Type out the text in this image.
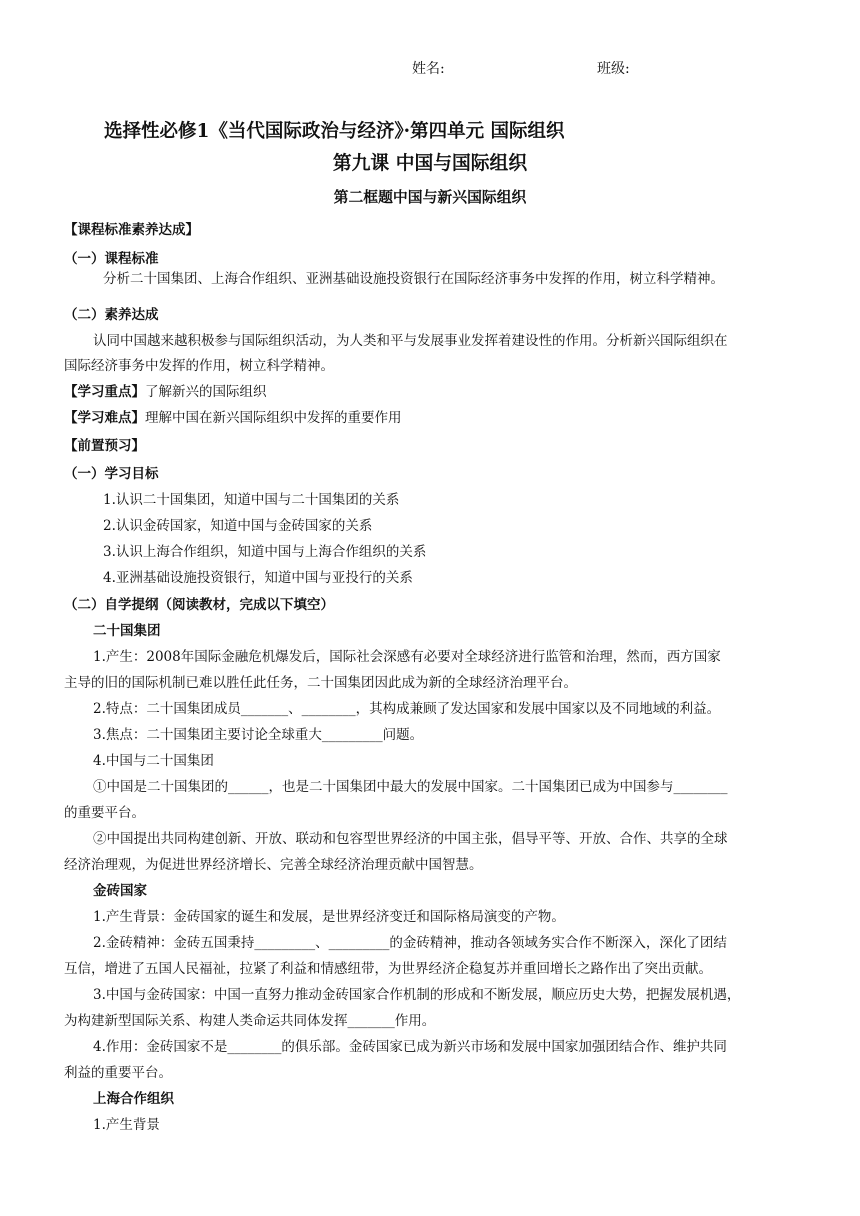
姓名:	班级:
选择性必修1《当代国际政治与经济》·第四单元 国际组织
第九课 中国与国际组织
第二框题中国与新兴国际组织
【课程标准素养达成】
（一）课程标准
分析二十国集团、上海合作组织、亚洲基础设施投资银行在国际经济事务中发挥的作用，树立科学精神。
（二）素养达成
认同中国越来越积极参与国际组织活动，为人类和平与发展事业发挥着建设性的作用。分析新兴国际组织在
国际经济事务中发挥的作用，树立科学精神。
【学习重点】了解新兴的国际组织
【学习难点】理解中国在新兴国际组织中发挥的重要作用
【前置预习】
（一）学习目标
1.认识二十国集团，知道中国与二十国集团的关系
2.认识金砖国家，知道中国与金砖国家的关系
3.认识上海合作组织，知道中国与上海合作组织的关系
4.亚洲基础设施投资银行，知道中国与亚投行的关系
（二）自学提纲（阅读教材，完成以下填空）
二十国集团
1.产生：2008年国际金融危机爆发后，国际社会深感有必要对全球经济进行监管和治理，然而，西方国家
主导的旧的国际机制已难以胜任此任务，二十国集团因此成为新的全球经济治理平台。
2.特点：二十国集团成员_______、________，其构成兼顾了发达国家和发展中国家以及不同地域的利益。
3.焦点：二十国集团主要讨论全球重大_________问题。
4.中国与二十国集团
①中国是二十国集团的______，也是二十国集团中最大的发展中国家。二十国集团已成为中国参与________
的重要平台。
②中国提出共同构建创新、开放、联动和包容型世界经济的中国主张，倡导平等、开放、合作、共享的全球
经济治理观，为促进世界经济增长、完善全球经济治理贡献中国智慧。
金砖国家
1.产生背景：金砖国家的诞生和发展，是世界经济变迁和国际格局演变的产物。
2.金砖精神：金砖五国秉持_________、_________的金砖精神，推动各领域务实合作不断深入，深化了团结
互信，增进了五国人民福祉，拉紧了利益和情感纽带，为世界经济企稳复苏并重回增长之路作出了突出贡献。
3.中国与金砖国家：中国一直努力推动金砖国家合作机制的形成和不断发展，顺应历史大势，把握发展机遇，
为构建新型国际关系、构建人类命运共同体发挥_______作用。
4.作用：金砖国家不是________的俱乐部。金砖国家已成为新兴市场和发展中国家加强团结合作、维护共同
利益的重要平台。
上海合作组织
1.产生背景
